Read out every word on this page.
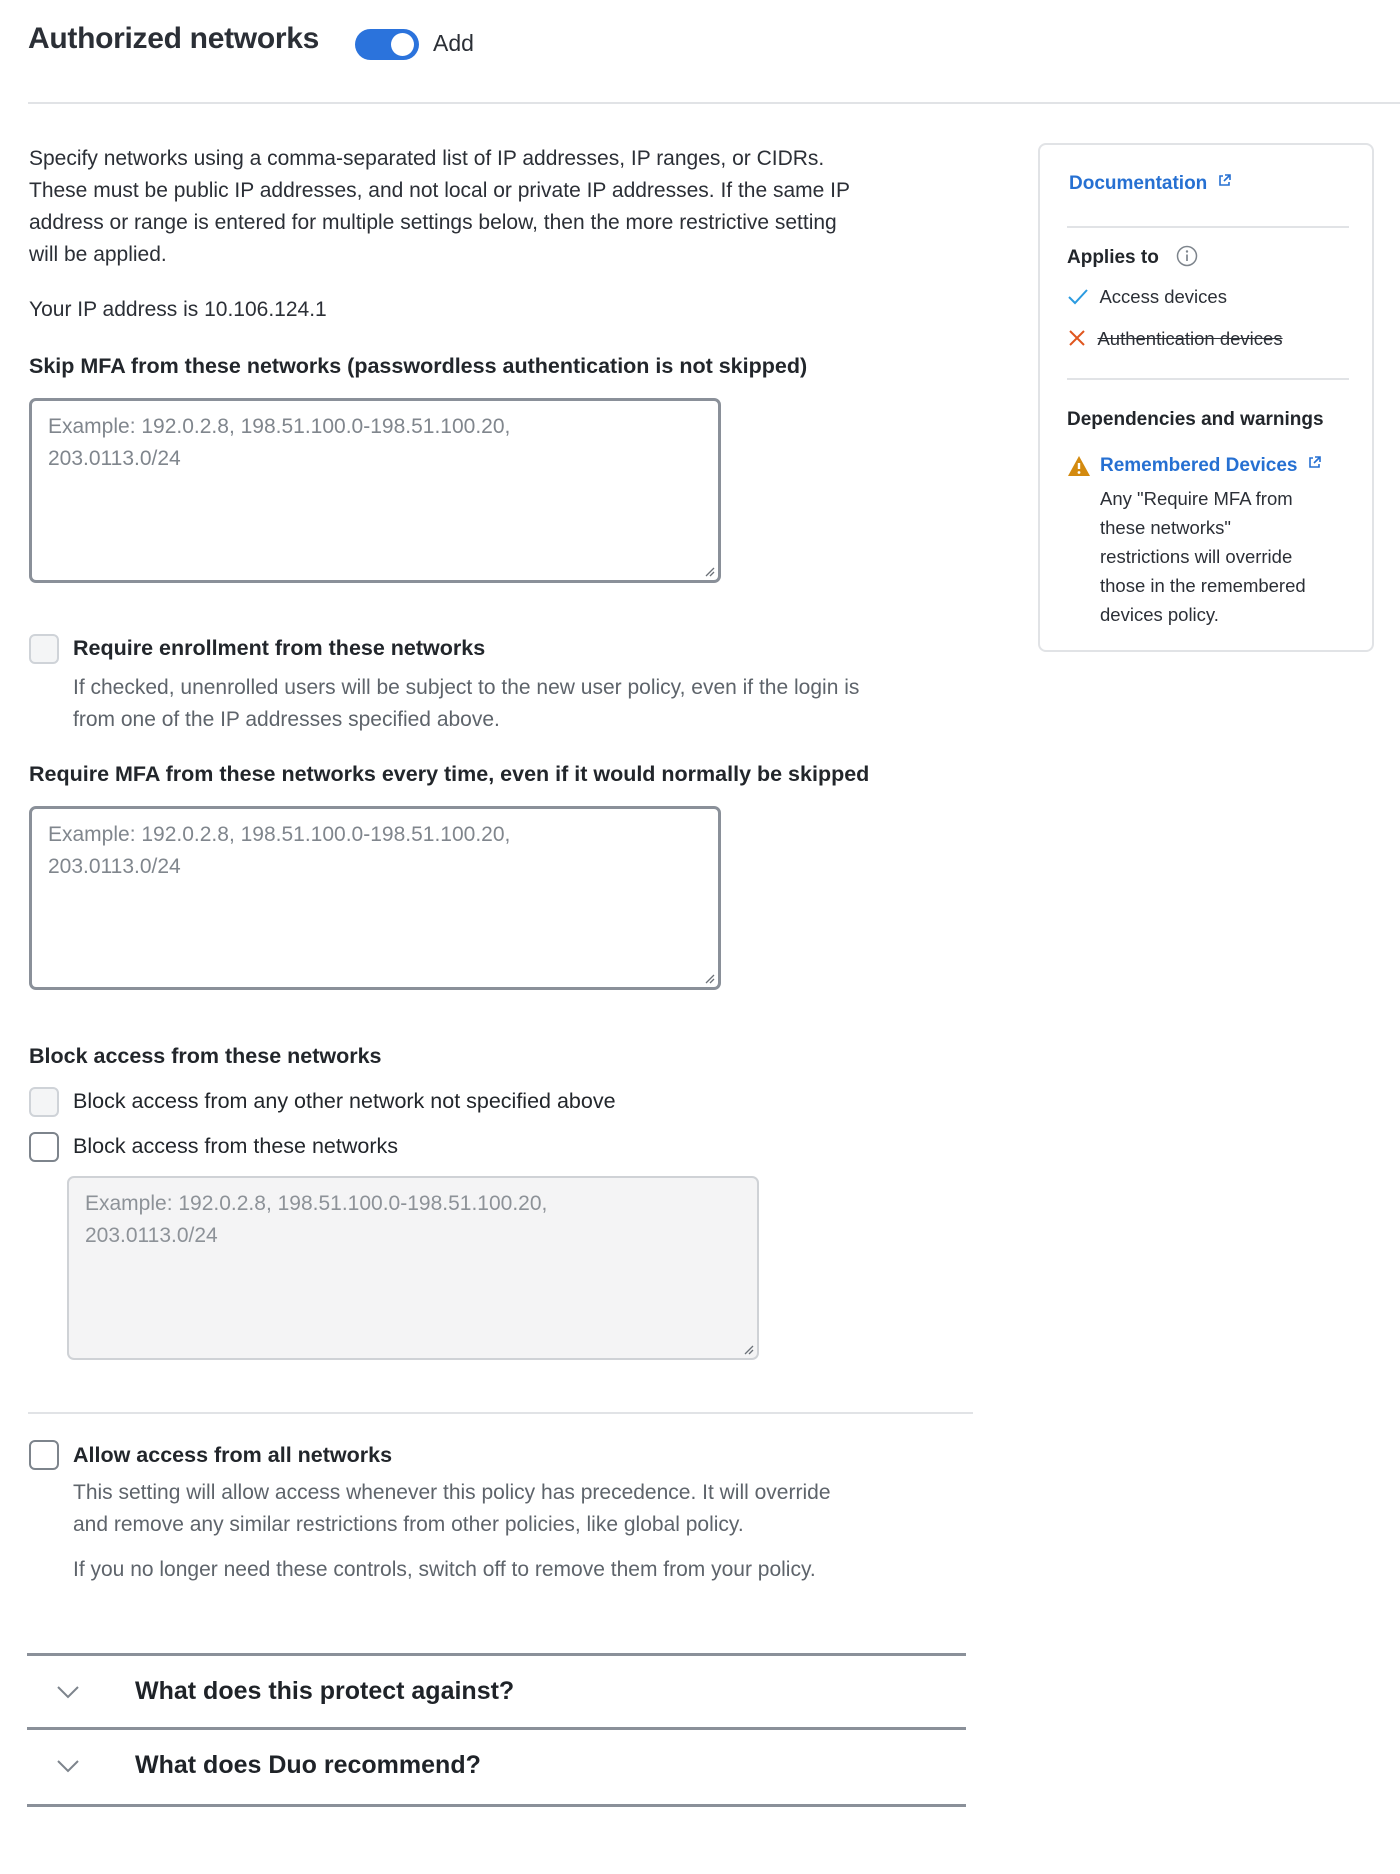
Authorized networks	Add
Specify networks using a comma-separated list of IP addresses, IP ranges, or CIDRs.
These must be public IP addresses, and not local or private IP addresses. If the same IP
address or range is entered for multiple settings below, then the more restrictive setting
will be applied.
Your IP address is 10.106.124.1
Skip MFA from these networks (passwordless authentication is not skipped)
Example: 192.0.2.8, 198.51.100.0-198.51.100.20, 203.0113.0/24
Require enrollment from these networks
If checked, unenrolled users will be subject to the new user policy, even if the login is
from one of the IP addresses specified above.
Require MFA from these networks every time, even if it would normally be skipped
Example: 192.0.2.8, 198.51.100.0-198.51.100.20, 203.0113.0/24
Block access from these networks
Block access from any other network not specified above
Block access from these networks
Example: 192.0.2.8, 198.51.100.0-198.51.100.20, 203.0113.0/24
Allow access from all networks
This setting will allow access whenever this policy has precedence. It will override
and remove any similar restrictions from other policies, like global policy.
If you no longer need these controls, switch off to remove them from your policy.
What does this protect against?
What does Duo recommend?
Documentation
Applies to
Access devices
Authentication devices
Dependencies and warnings
Remembered Devices
Any "Require MFA from
these networks"
restrictions will override
those in the remembered
devices policy.
